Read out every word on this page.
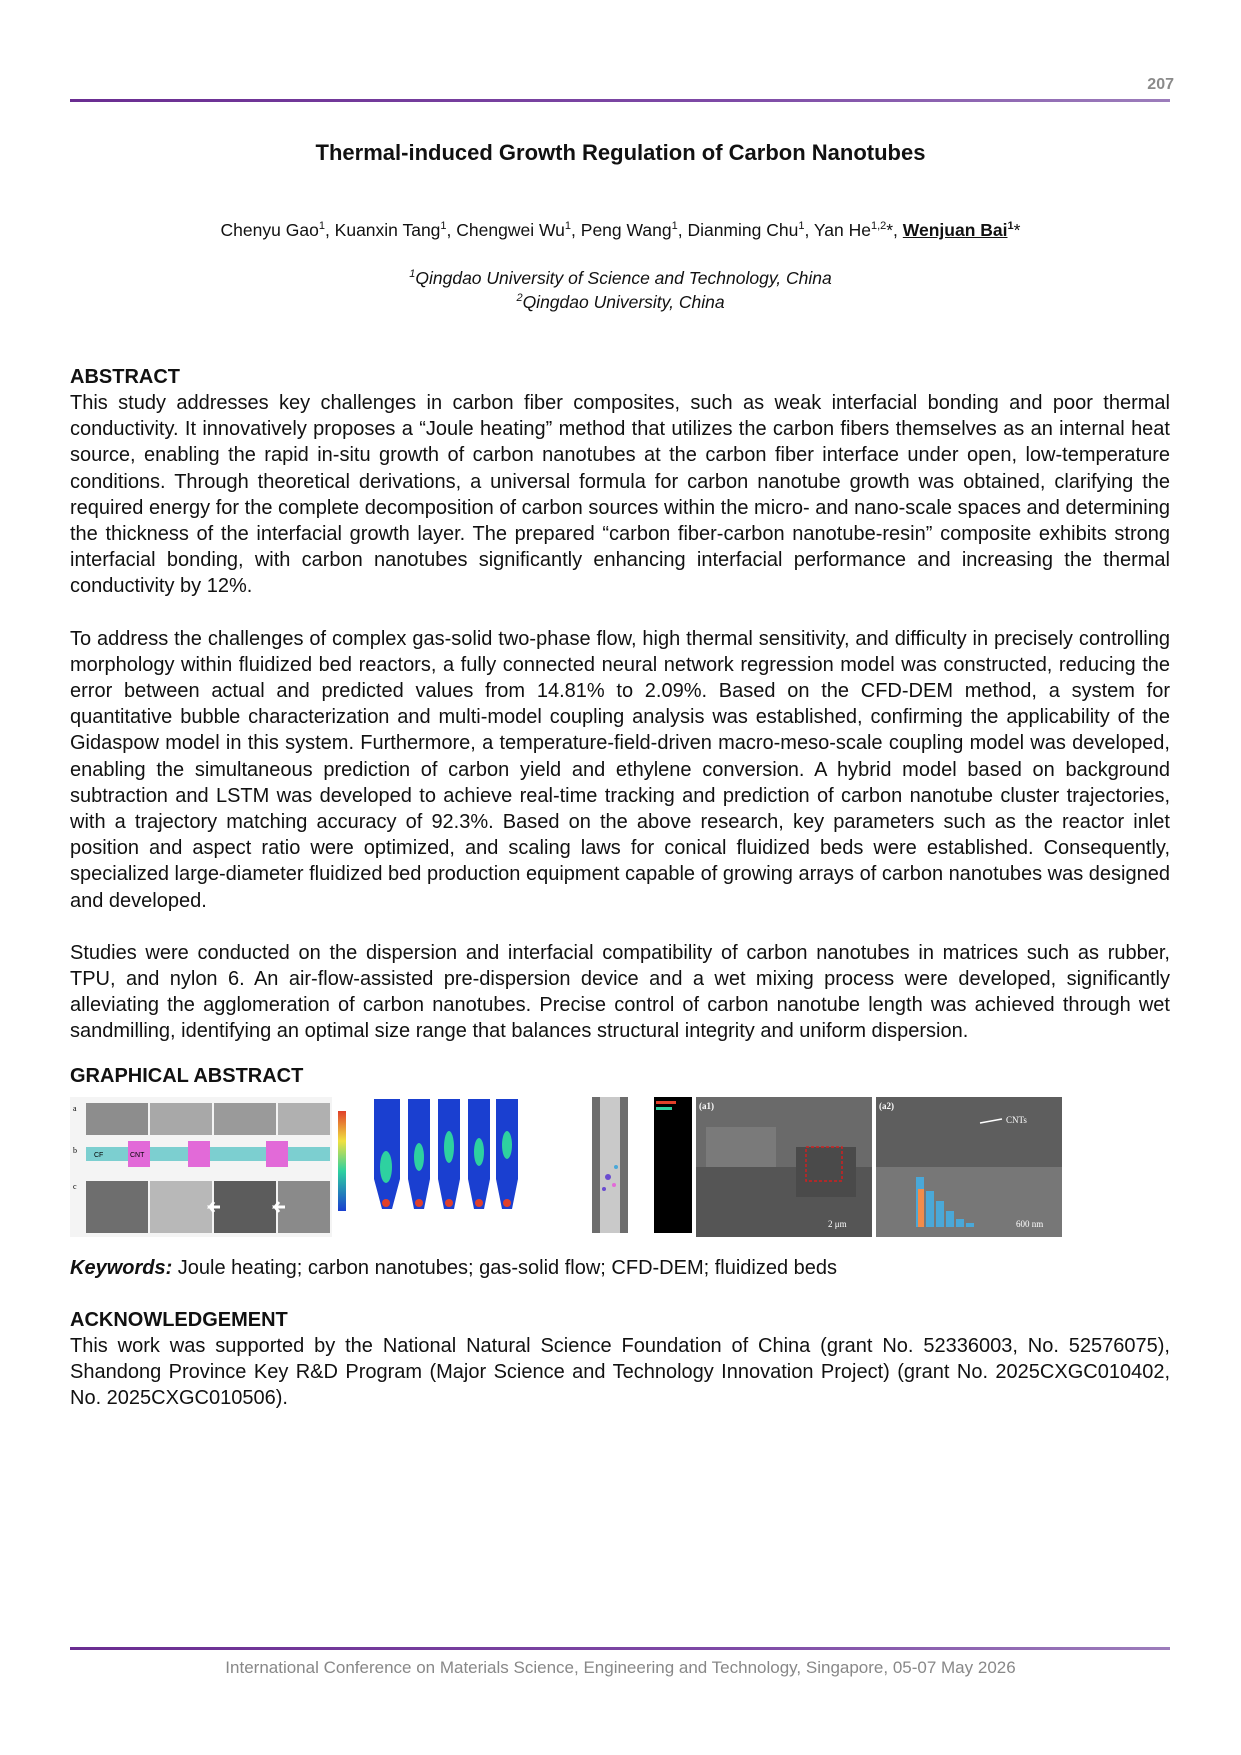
207
Thermal-induced Growth Regulation of Carbon Nanotubes
Chenyu Gao$^1$, Kuanxin Tang$^1$, Chengwei Wu$^1$, Peng Wang$^1$, Dianming Chu$^1$, Yan He$^{1,2}$*, Wenjuan Bai$^1$*
$^1$Qingdao University of Science and Technology, China
$^2$Qingdao University, China
ABSTRACT

This study addresses key challenges in carbon fiber composites, such as weak interfacial bonding and poor thermal conductivity. It innovatively proposes a “Joule heating” method that utilizes the carbon fibers themselves as an internal heat source, enabling the rapid in-situ growth of carbon nanotubes at the carbon fiber interface under open, low-temperature conditions. Through theoretical derivations, a universal formula for carbon nanotube growth was obtained, clarifying the required energy for the complete decomposition of carbon sources within the micro- and nano-scale spaces and determining the thickness of the interfacial growth layer. The prepared “carbon fiber-carbon nanotube-resin” composite exhibits strong interfacial bonding, with carbon nanotubes significantly enhancing interfacial performance and increasing the thermal conductivity by 12%.

To address the challenges of complex gas-solid two-phase flow, high thermal sensitivity, and difficulty in precisely controlling morphology within fluidized bed reactors, a fully connected neural network regression model was constructed, reducing the error between actual and predicted values from 14.81% to 2.09%. Based on the CFD-DEM method, a system for quantitative bubble characterization and multi-model coupling analysis was established, confirming the applicability of the Gidaspow model in this system. Furthermore, a temperature-field-driven macro-meso-scale coupling model was developed, enabling the simultaneous prediction of carbon yield and ethylene conversion. A hybrid model based on background subtraction and LSTM was developed to achieve real-time tracking and prediction of carbon nanotube cluster trajectories, with a trajectory matching accuracy of 92.3%. Based on the above research, key parameters such as the reactor inlet position and aspect ratio were optimized, and scaling laws for conical fluidized beds were established. Consequently, specialized large-diameter fluidized bed production equipment capable of growing arrays of carbon nanotubes was designed and developed.

Studies were conducted on the dispersion and interfacial compatibility of carbon nanotubes in matrices such as rubber, TPU, and nylon 6. An air-flow-assisted pre-dispersion device and a wet mixing process were developed, significantly alleviating the agglomeration of carbon nanotubes. Precise control of carbon nanotube length was achieved through wet sandmilling, identifying an optimal size range that balances structural integrity and uniform dispersion.

GRAPHICAL ABSTRACT
a
b
c
CF	CNT
(a1)
2 μm
(a2)
CNTs
600 nm
Keywords: Joule heating; carbon nanotubes; gas-solid flow; CFD-DEM; fluidized beds
ACKNOWLEDGEMENT

This work was supported by the National Natural Science Foundation of China (grant No. 52336003, No. 52576075), Shandong Province Key R&D Program (Major Science and Technology Innovation Project) (grant No. 2025CXGC010402, No. 2025CXGC010506).

International Conference on Materials Science, Engineering and Technology, Singapore, 05-07 May 2026
